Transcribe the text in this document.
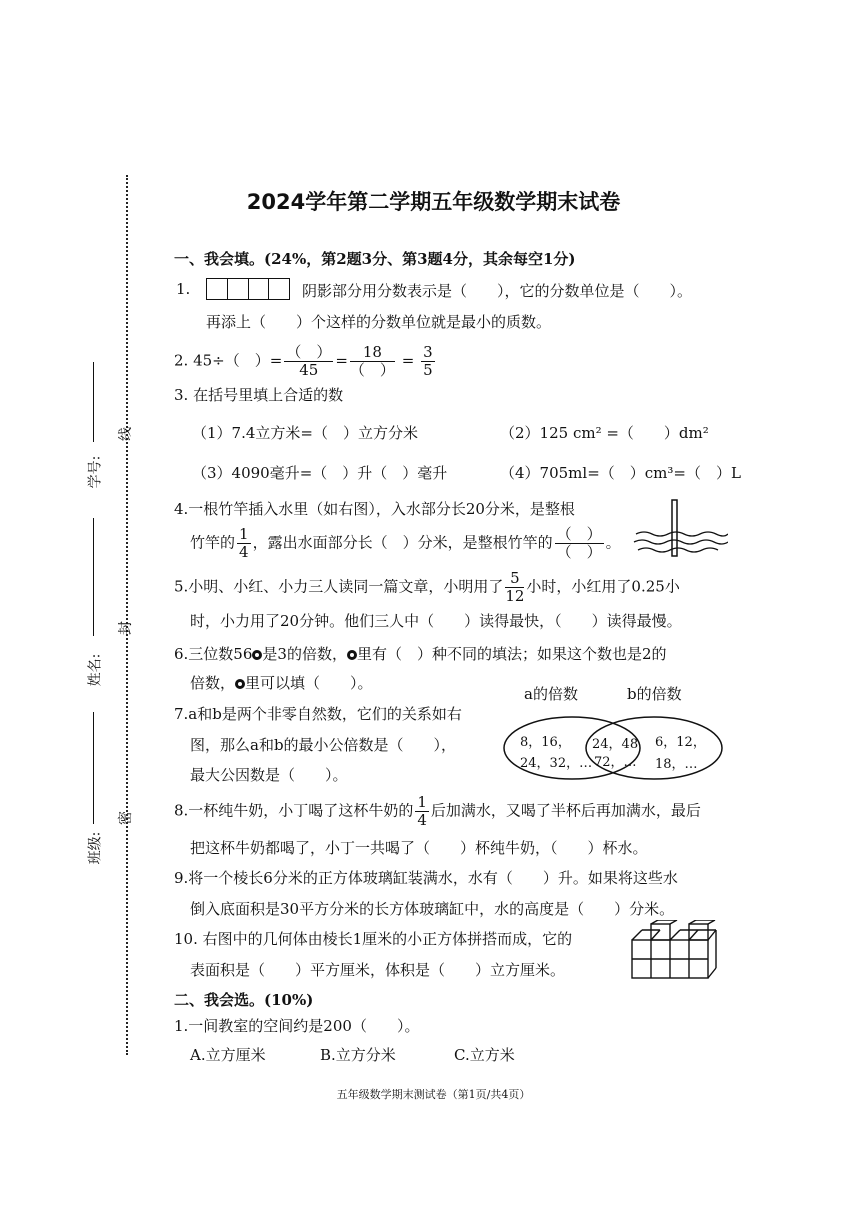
学号:
线
姓名:
封
班级:
密
2024学年第二学期五年级数学期末试卷
一、我会填。(24%，第2题3分、第3题4分，其余每空1分)
1.	阴影部分用分数表示是（　　），它的分数单位是（　　）。
再添上（　　）个这样的分数单位就是最小的质数。
2. 45÷（　）= $\frac{( )}{45} = \frac{18}{( )} = \frac{3}{5}$
3. 在括号里填上合适的数
（1）7.4立方米=（　）立方分米	（2）125 cm² =（　　）dm²
（3）4090毫升=（　）升（　）毫升	（4）705ml=（　）cm³=（　）L
4.一根竹竿插入水里（如右图），入水部分长20分米，是整根
竹竿的 $\frac{1}{4}$ ，露出水面部分长（　）分米，是整根竹竿的 $\frac{( )}{( )}$ 。
5.小明、小红、小力三人读同一篇文章，小明用了 $\frac{5}{12}$ 小时，小红用了0.25小
时，小力用了20分钟。他们三人中（　　）读得最快，（　　）读得最慢。
6.三位数56 是3的倍数， 里有（　）种不同的填法；如果这个数也是2的
倍数， 里可以填（　　）。
a的倍数	b的倍数
8，16，
24，32，…
24，48
72，…
6，12，
18，…
7.a和b是两个非零自然数，它们的关系如右
图，那么a和b的最小公倍数是（　　），
最大公因数是（　　）。
8.一杯纯牛奶，小丁喝了这杯牛奶的 $\frac{1}{4}$ 后加满水，又喝了半杯后再加满水，最后
把这杯牛奶都喝了，小丁一共喝了（　　）杯纯牛奶，（　　）杯水。
9.将一个棱长6分米的正方体玻璃缸装满水，水有（　　）升。如果将这些水
倒入底面积是30平方分米的长方体玻璃缸中，水的高度是（　　）分米。
10. 右图中的几何体由棱长1厘米的小正方体拼搭而成，它的
表面积是（　　）平方厘米，体积是（　　）立方厘米。
二、我会选。(10%)
1.一间教室的空间约是200（　　）。
A.立方厘米	B.立方分米	C.立方米
五年级数学期末测试卷（第1页/共4页）
